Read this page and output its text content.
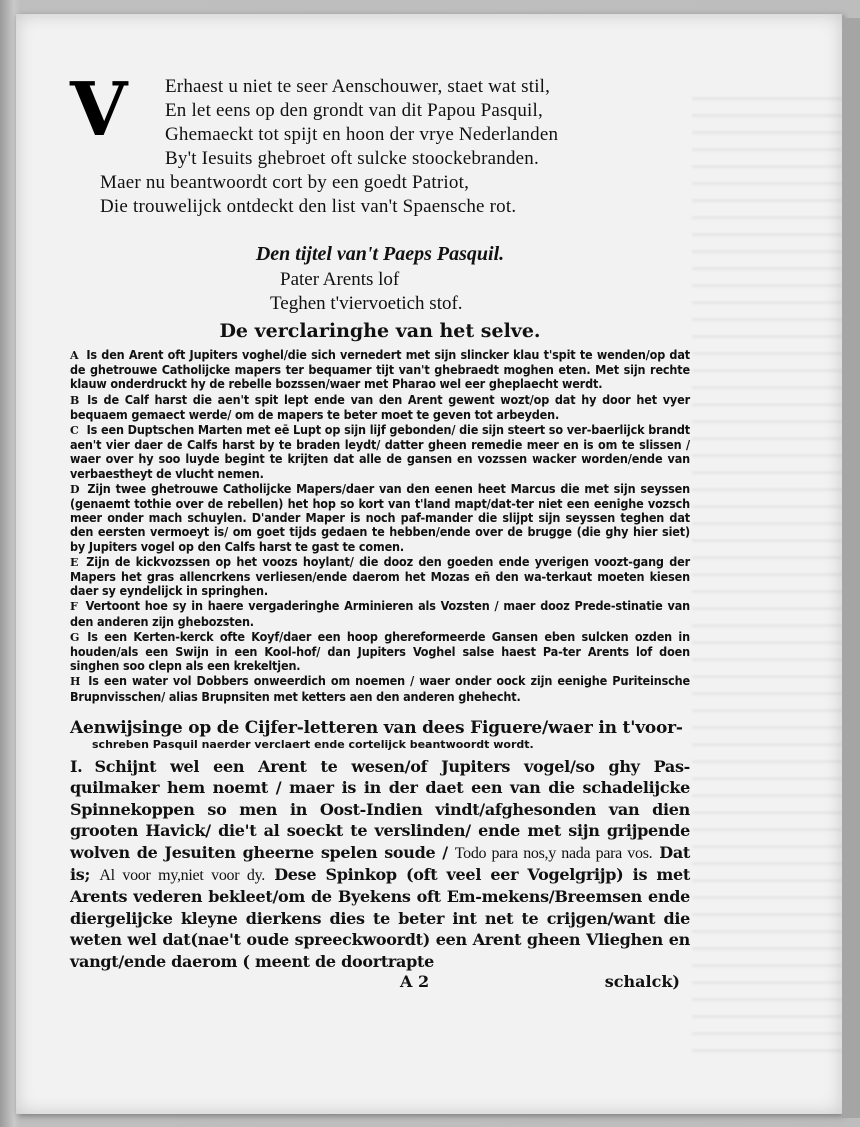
V	Erhaest u niet te seer Aenschouwer, staet wat stil,
En let eens op den grondt van dit Papou Pasquil,
Ghemaeckt tot spijt en hoon der vrye Nederlanden
By't Iesuits ghebroet oft sulcke stoockebranden.
Maer nu beantwoordt cort by een goedt Patriot,
Die trouwelijck ontdeckt den list van't Spaensche rot.
Den tijtel van't Paeps Pasquil.
Pater Arents lof
Teghen t'viervoetich stof.
De verclaringhe van het selve.
A Is den Arent oft Jupiters voghel/die sich vernedert met sijn slincker klau t'spit te wenden/op dat de ghetrouwe Catholijcke mapers ter bequamer tijt van't ghebraedt moghen eten. Met sijn rechte klauw onderdruckt hy de rebelle bozssen/waer met Pharao wel eer gheplaecht werdt.
B Is de Calf harst die aen't spit lept ende van den Arent gewent wozt/op dat hy door het vyer bequaem gemaect werde/ om de mapers te beter moet te geven tot arbeyden.
C Is een Duptschen Marten met eē Lupt op sijn lijf gebonden/ die sijn steert so ver-baerlijck brandt aen't vier daer de Calfs harst by te braden leydt/ datter gheen remedie meer en is om te slissen / waer over hy soo luyde begint te krijten dat alle de gansen en vozssen wacker worden/ende van verbaestheyt de vlucht nemen.
D Zijn twee ghetrouwe Catholijcke Mapers/daer van den eenen heet Marcus die met sijn seyssen (genaemt tothie over de rebellen) het hop so kort van t'land mapt/dat-ter niet een eenighe vozsch meer onder mach schuylen. D'ander Maper is noch paf-mander die slijpt sijn seyssen teghen dat den eersten vermoeyt is/ om goet tijds gedaen te hebben/ende over de brugge (die ghy hier siet) by Jupiters vogel op den Calfs harst te gast te comen.
E Zijn de kickvozssen op het voozs hoylant/ die dooz den goeden ende yverigen voozt-gang der Mapers het gras allencrkens verliesen/ende daerom het Mozas eñ den wa-terkaut moeten kiesen daer sy eyndelijck in springhen.
F Vertoont hoe sy in haere vergaderinghe Arminieren als Vozsten / maer dooz Prede-stinatie van den anderen zijn ghebozsten.
G Is een Kerten-kerck ofte Koyf/daer een hoop ghereformeerde Gansen eben sulcken ozden in houden/als een Swijn in een Kool-hof/ dan Jupiters Voghel salse haest Pa-ter Arents lof doen singhen soo clepn als een krekeltjen.
H Is een water vol Dobbers onweerdich om noemen / waer onder oock zijn eenighe Puriteinsche Brupnvisschen/ alias Brupnsiten met ketters aen den anderen ghehecht.
Aenwijsinge op de Cijfer-letteren van dees Figuere/waer in t'voor-
schreben Pasquil naerder verclaert ende cortelijck beantwoordt wordt.
I. Schijnt wel een Arent te wesen/of Jupiters vogel/so ghy Pas-quilmaker hem noemt / maer is in der daet een van die schadelijcke Spinnekoppen so men in Oost-Indien vindt/afghesonden van dien grooten Havick/ die't al soeckt te verslinden/ ende met sijn grijpende wolven de Jesuiten gheerne spelen soude / Todo para nos,y nada para vos. Dat is; Al voor my,niet voor dy. Dese Spinkop (oft veel eer Vogelgrijp) is met Arents vederen bekleet/om de Byekens oft Em-mekens/Breemsen ende diergelijcke kleyne dierkens dies te beter int net te crijgen/want die weten wel dat(nae't oude spreeckwoordt) een Arent gheen Vlieghen en vangt/ende daerom ( meent de doortrapte
A 2	schalck)
